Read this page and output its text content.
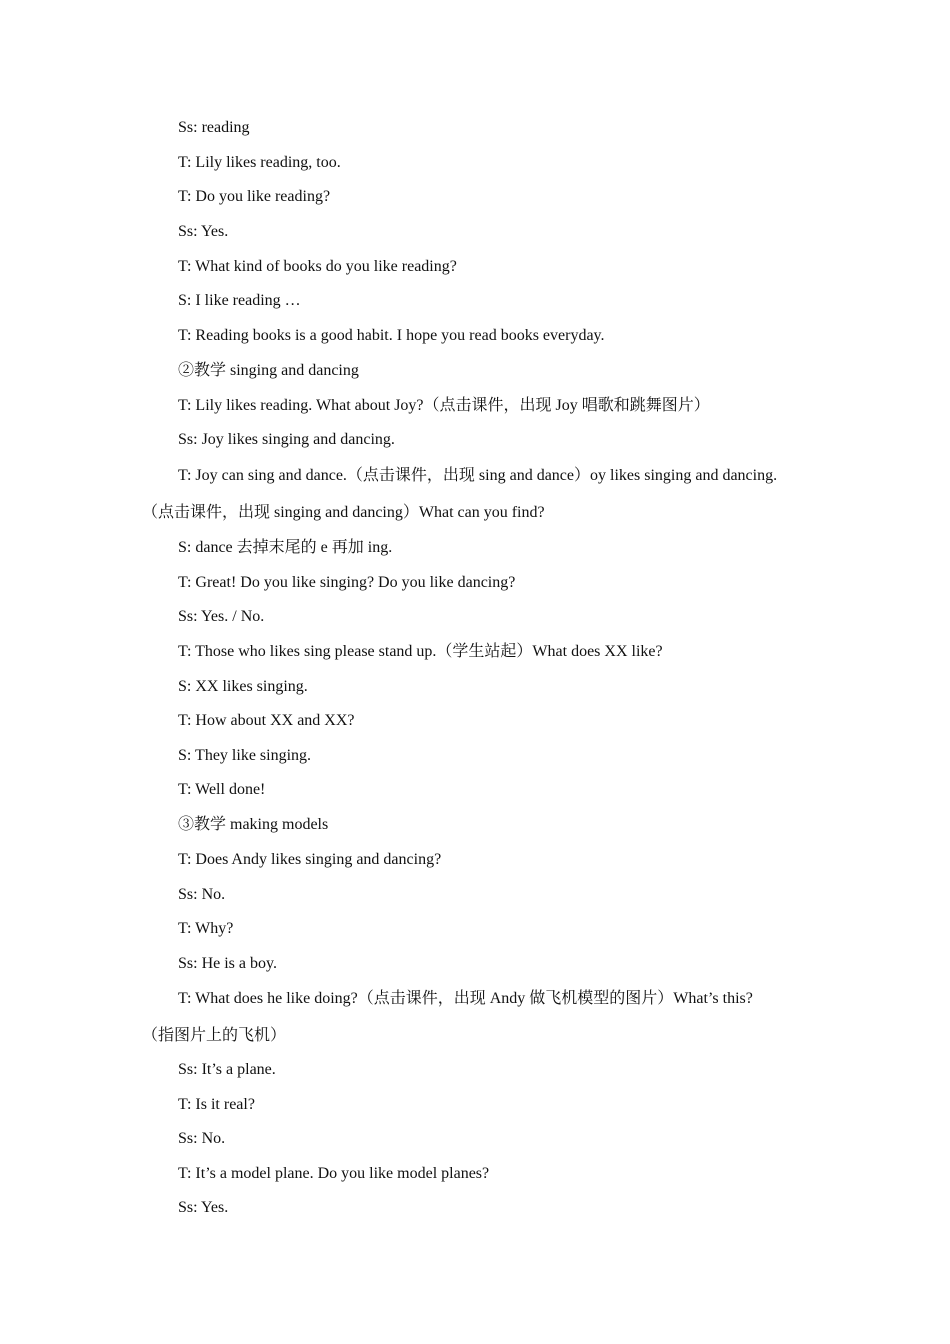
Ss: reading
T: Lily likes reading, too.
T: Do you like reading?
Ss: Yes.
T: What kind of books do you like reading?
S: I like reading …
T: Reading books is a good habit. I hope you read books everyday.
②教学 singing and dancing
T: Lily likes reading. What about Joy?（点击课件，出现 Joy 唱歌和跳舞图片）
Ss: Joy likes singing and dancing.
T: Joy can sing and dance.（点击课件，出现 sing and dance）oy likes singing and dancing.
（点击课件，出现 singing and dancing）What can you find?
S: dance 去掉末尾的 e 再加 ing.
T: Great! Do you like singing? Do you like dancing?
Ss: Yes. / No.
T: Those who likes sing please stand up.（学生站起）What does XX like?
S: XX likes singing.
T: How about XX and XX?
S: They like singing.
T: Well done!
③教学 making models
T: Does Andy likes singing and dancing?
Ss: No.
T: Why?
Ss: He is a boy.
T: What does he like doing?（点击课件，出现 Andy 做飞机模型的图片）What’s this?
（指图片上的飞机）
Ss: It’s a plane.
T: Is it real?
Ss: No.
T: It’s a model plane. Do you like model planes?
Ss: Yes.
